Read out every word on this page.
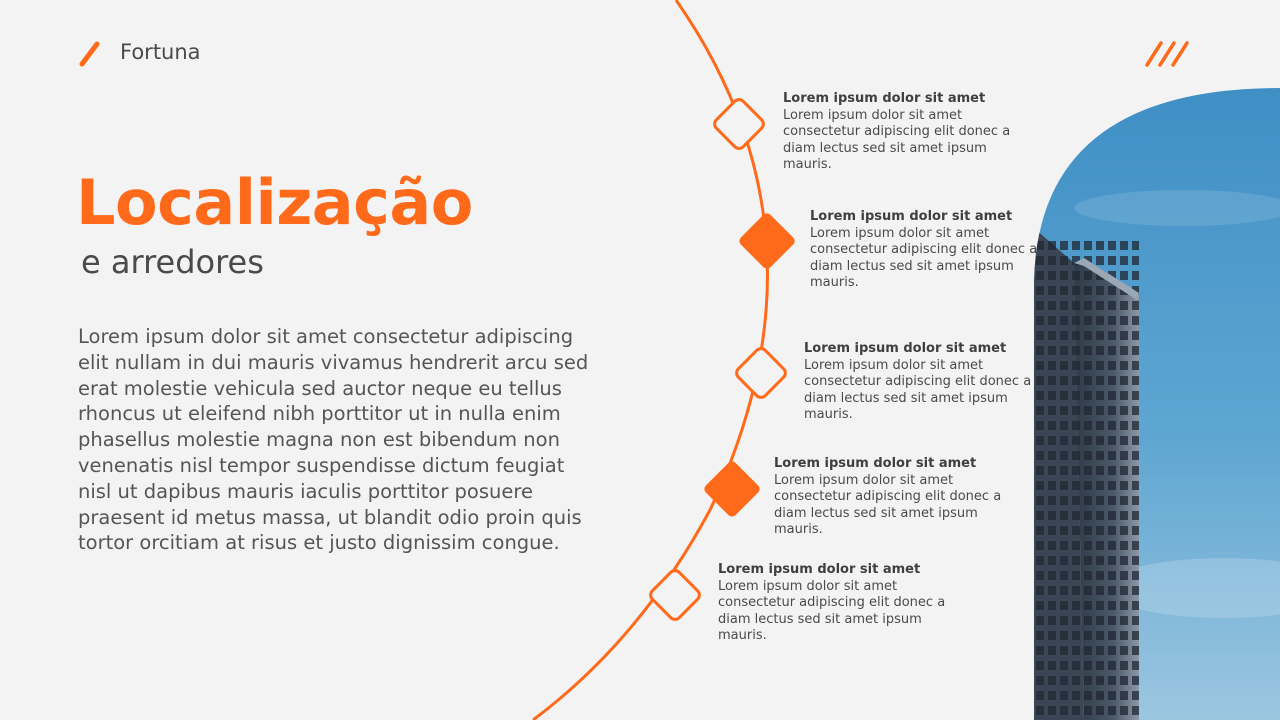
Fortuna
Localização
e arredores
Lorem ipsum dolor sit amet consectetur adipiscing elit nullam in dui mauris vivamus hendrerit arcu sed erat molestie vehicula sed auctor neque eu tellus rhoncus ut eleifend nibh porttitor ut in nulla enim phasellus molestie magna non est bibendum non venenatis nisl tempor suspendisse dictum feugiat nisl ut dapibus mauris iaculis porttitor posuere praesent id metus massa, ut blandit odio proin quis tortor orcitiam at risus et justo dignissim congue.
Lorem ipsum dolor sit amet
Lorem ipsum dolor sit amet consectetur adipiscing elit donec a diam lectus sed sit amet ipsum mauris.
Lorem ipsum dolor sit amet
Lorem ipsum dolor sit amet consectetur adipiscing elit donec a diam lectus sed sit amet ipsum mauris.
Lorem ipsum dolor sit amet
Lorem ipsum dolor sit amet consectetur adipiscing elit donec a diam lectus sed sit amet ipsum mauris.
Lorem ipsum dolor sit amet
Lorem ipsum dolor sit amet consectetur adipiscing elit donec a diam lectus sed sit amet ipsum mauris.
Lorem ipsum dolor sit amet
Lorem ipsum dolor sit amet consectetur adipiscing elit donec a diam lectus sed sit amet ipsum mauris.
